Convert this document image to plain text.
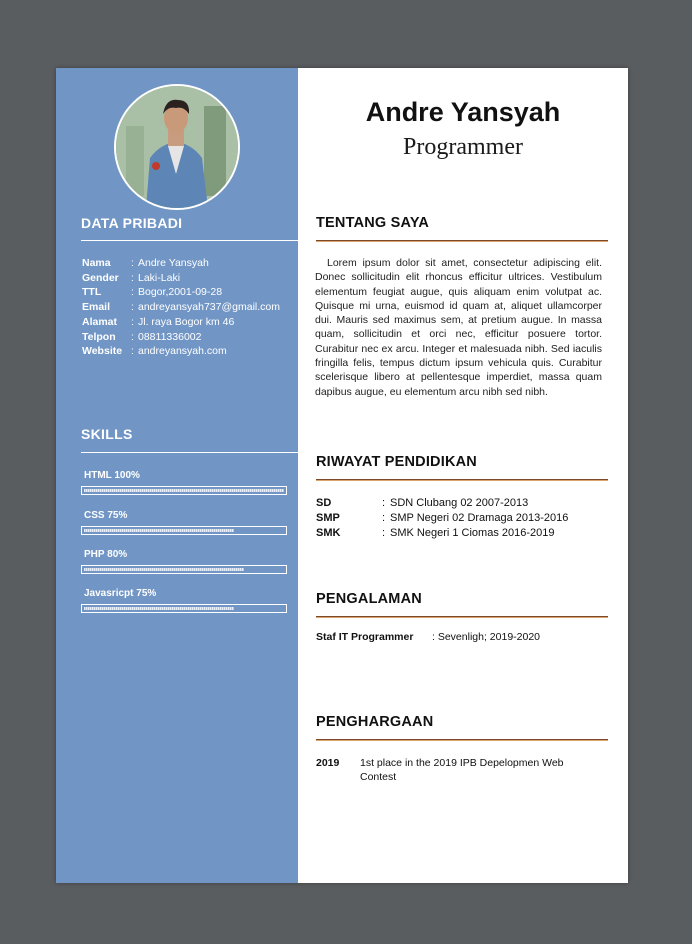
DATA PRIBADI
Nama	: Andre Yansyah
Gender	: Laki-Laki
TTL	: Bogor,2001-09-28
Email	: andreyansyah737@gmail.com
Alamat	: Jl. raya Bogor km 46
Telpon	: 08811336002
Website : andreyansyah.com
SKILLS
HTML 100%
CSS 75%
PHP 80%
Javasricpt 75%
Andre Yansyah
Programmer
TENTANG SAYA
Lorem ipsum dolor sit amet, consectetur adipiscing elit. Donec sollicitudin elit rhoncus efficitur ultrices. Vestibulum elementum feugiat augue, quis aliquam enim volutpat ac. Quisque mi urna, euismod id quam at, aliquet ullamcorper dui. Mauris sed maximus sem, at pretium augue. In massa quam, sollicitudin et orci nec, efficitur posuere tortor. Curabitur nec ex arcu. Integer et malesuada nibh. Sed iaculis fringilla felis, tempus dictum ipsum vehicula quis. Curabitur scelerisque libero at pellentesque imperdiet, massa quam dapibus augue, eu elementum arcu nibh sed nibh.
RIWAYAT PENDIDIKAN
SD	: SDN Clubang 02 2007-2013
SMP	: SMP Negeri 02 Dramaga 2013-2016
SMK	: SMK Negeri 1 Ciomas 2016-2019
PENGALAMAN
Staf IT Programmer : Sevenligh; 2019-2020
PENGHARGAAN
2019	1st place in the 2019 IPB Depelopmen Web Contest
